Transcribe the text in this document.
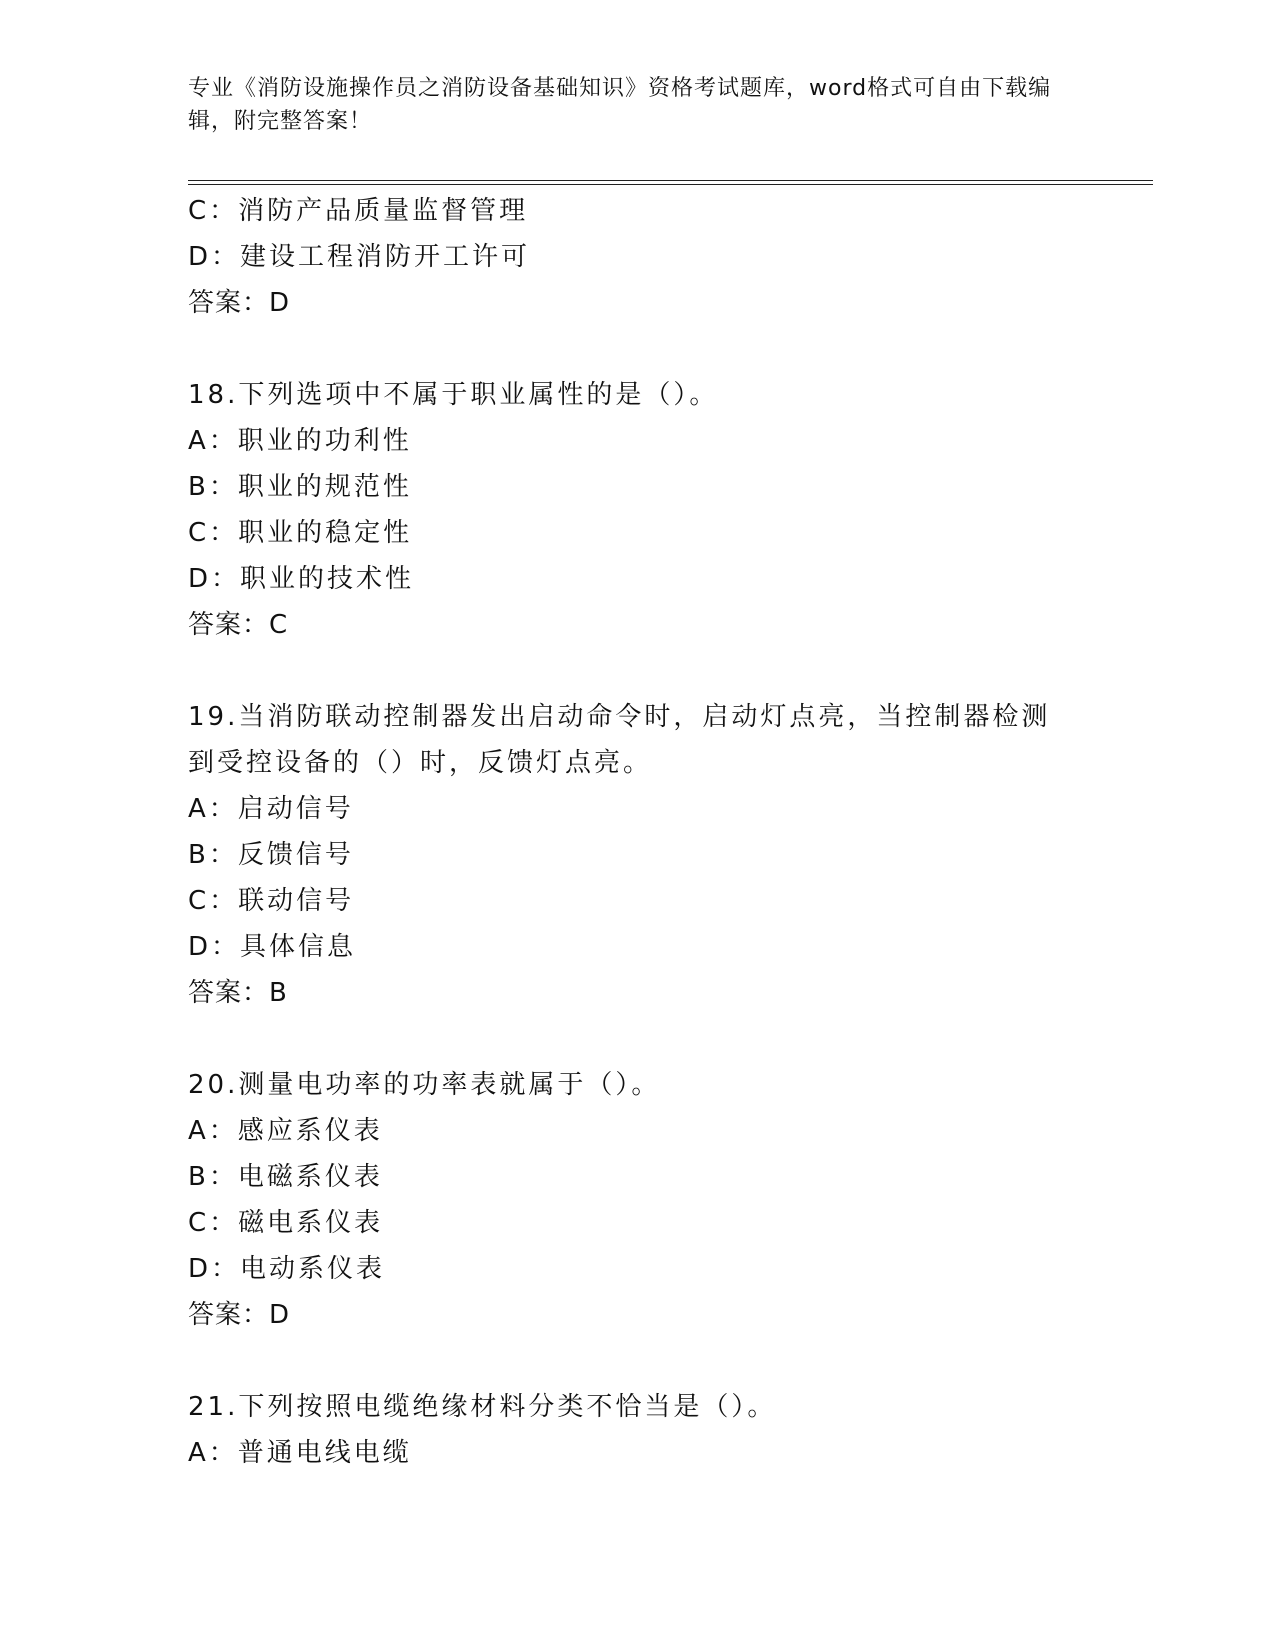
专业《消防设施操作员之消防设备基础知识》资格考试题库，word格式可自由下载编辑，附完整答案！
C：消防产品质量监督管理
D：建设工程消防开工许可
答案：D
18.下列选项中不属于职业属性的是（）。
A：职业的功利性
B：职业的规范性
C：职业的稳定性
D：职业的技术性
答案：C
19.当消防联动控制器发出启动命令时，启动灯点亮，当控制器检测到受控设备的（）时，反馈灯点亮。
A：启动信号
B：反馈信号
C：联动信号
D：具体信息
答案：B
20.测量电功率的功率表就属于（）。
A：感应系仪表
B：电磁系仪表
C：磁电系仪表
D：电动系仪表
答案：D
21.下列按照电缆绝缘材料分类不恰当是（）。
A：普通电线电缆
